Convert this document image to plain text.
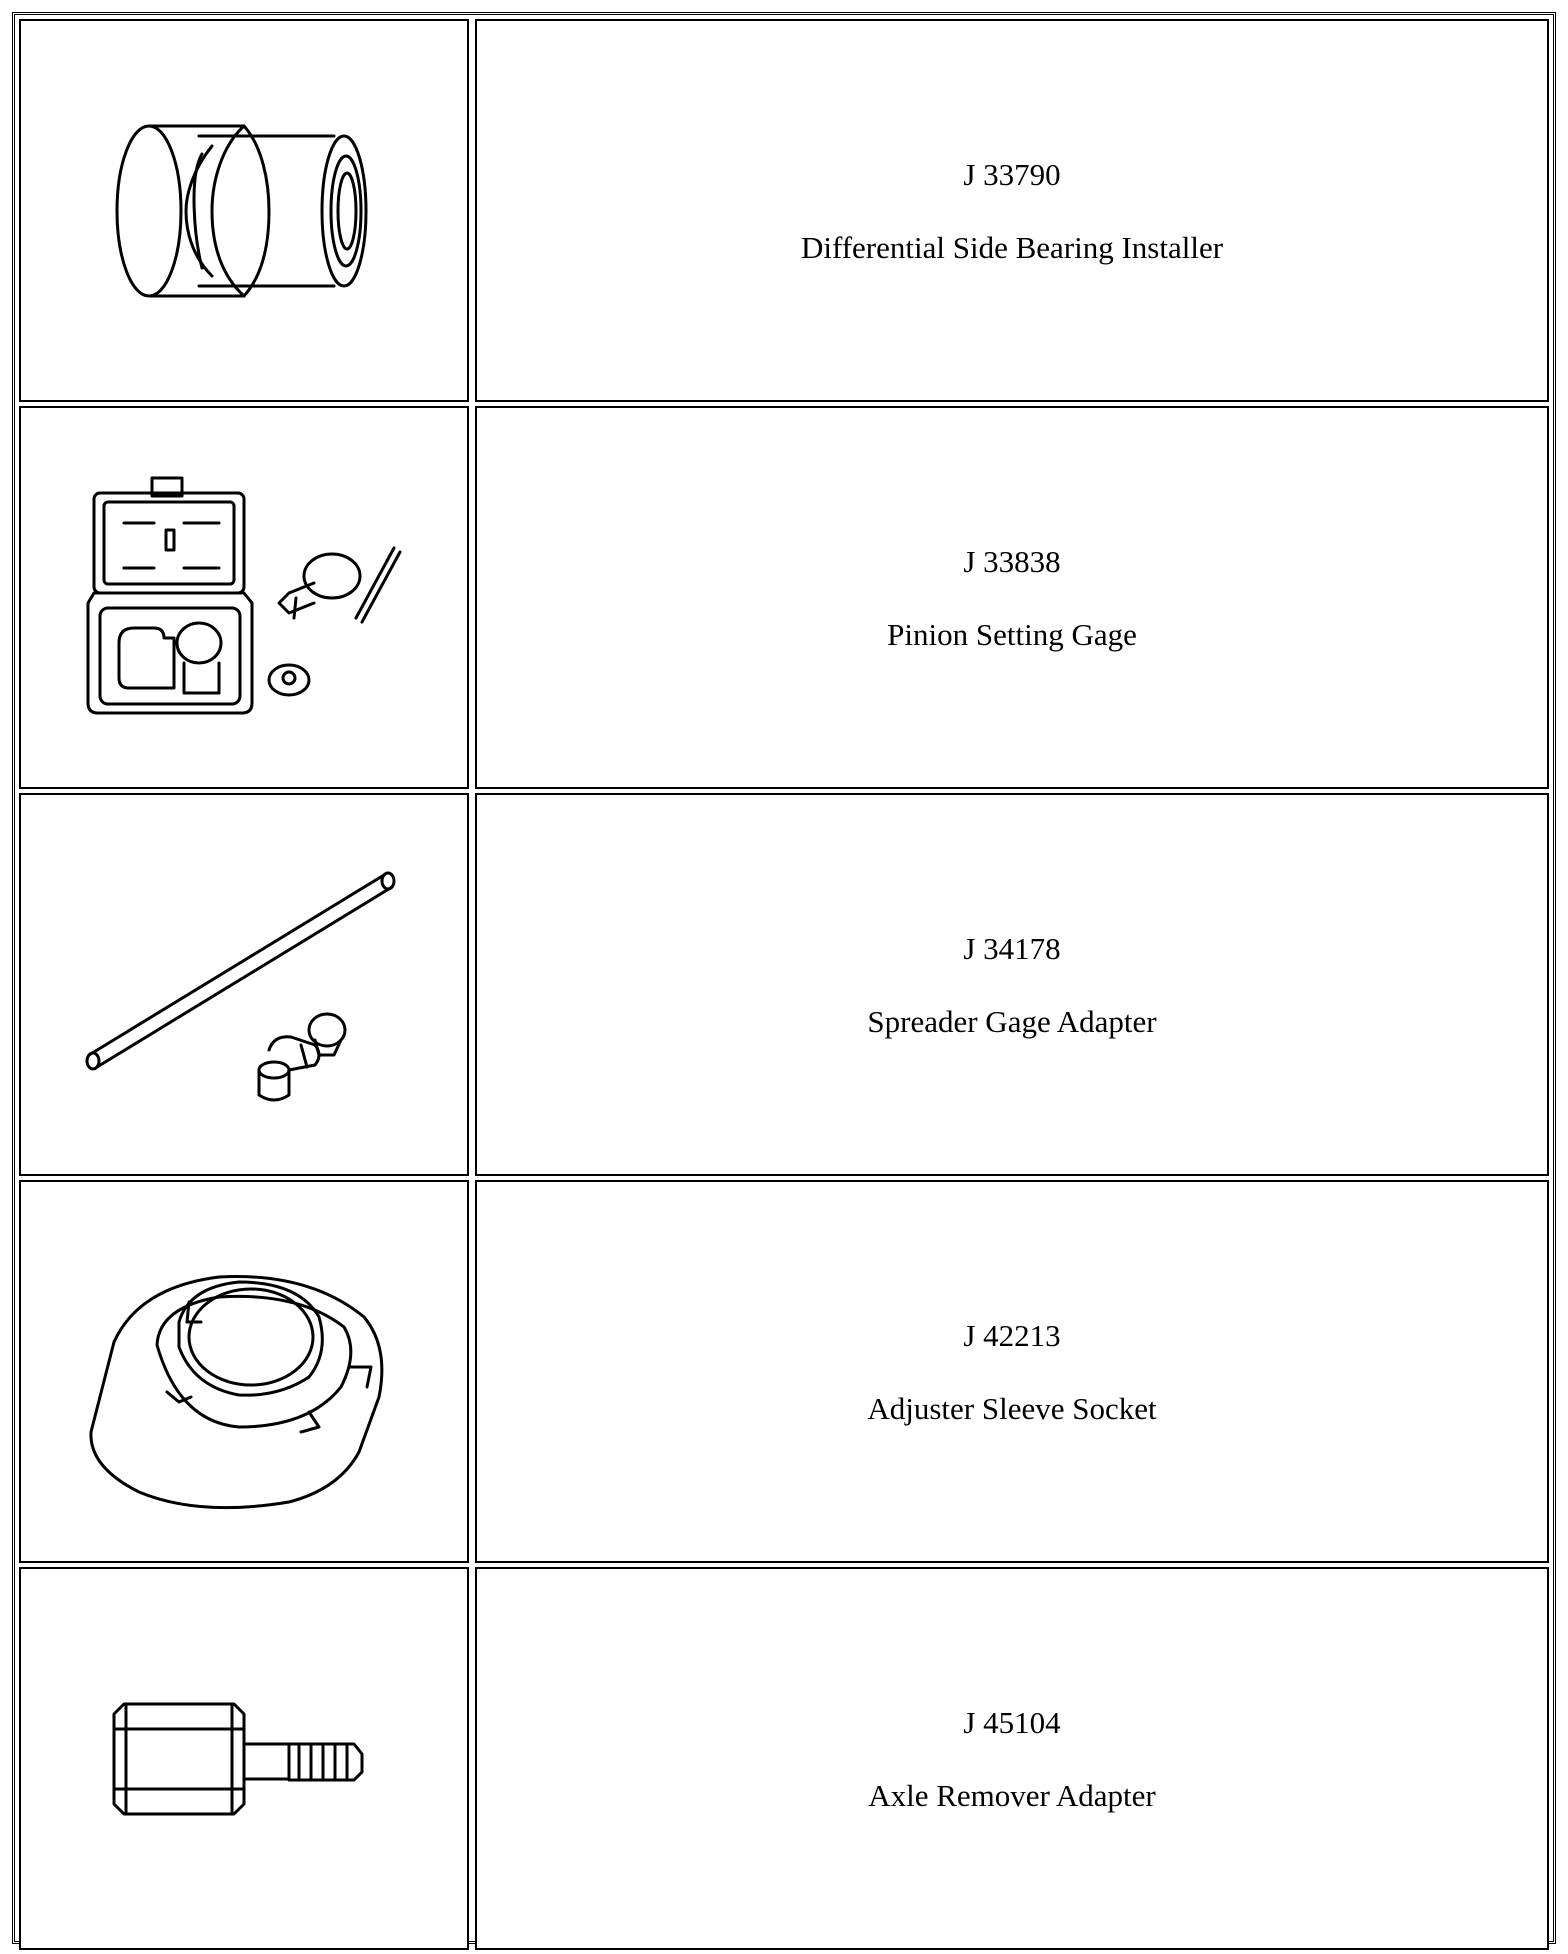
J 33790
Differential Side Bearing Installer
J 33838
Pinion Setting Gage
J 34178
Spreader Gage Adapter
J 42213
Adjuster Sleeve Socket
J 45104
Axle Remover Adapter
